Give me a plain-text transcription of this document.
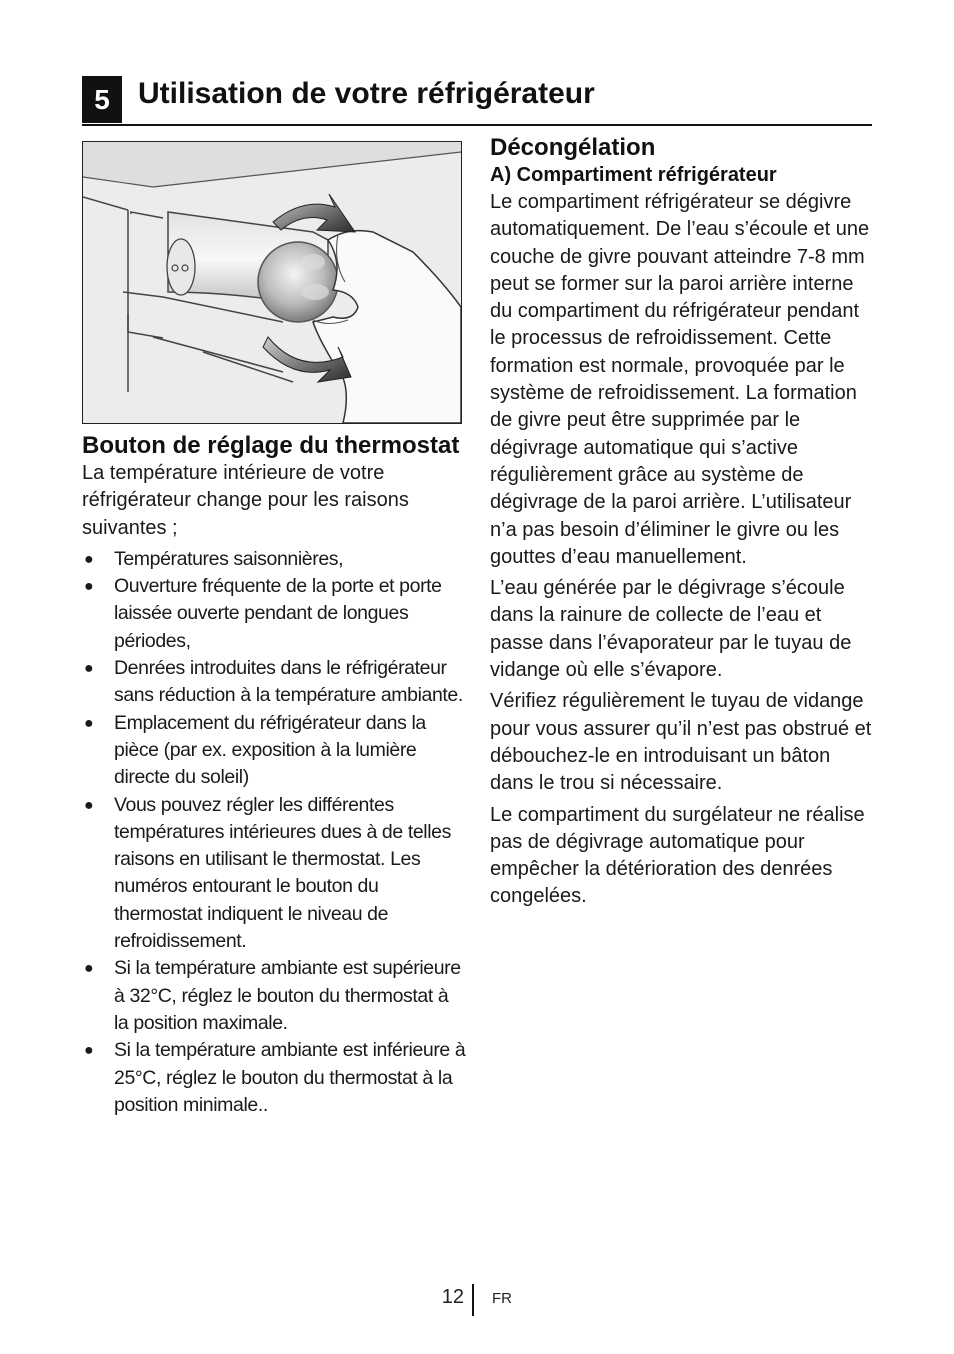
5 Utilisation de votre réfrigérateur
Bouton de réglage du thermostat

La température intérieure de votre réfrigérateur change pour les raisons suivantes ;

● Températures saisonnières,
● Ouverture fréquente de la porte et porte laissée ouverte pendant de longues périodes,
● Denrées introduites dans le réfrigérateur sans réduction à la température ambiante.
● Emplacement du réfrigérateur dans la pièce (par ex. exposition à la lumière directe du soleil)
● Vous pouvez régler les différentes températures intérieures dues à de telles raisons en utilisant le thermostat. Les numéros entourant le bouton du thermostat indiquent le niveau de refroidissement.
● Si la température ambiante est supérieure à 32°C, réglez le bouton du thermostat à la position maximale.
● Si la température ambiante est inférieure à 25°C, réglez le bouton du thermostat à la position minimale..
Décongélation
A) Compartiment réfrigérateur

Le compartiment réfrigérateur se dégivre automatiquement. De l’eau s’écoule et une couche de givre pouvant atteindre 7-8 mm peut se former sur la paroi arrière interne du compartiment du réfrigérateur pendant le processus de refroidissement. Cette formation est normale, provoquée par le système de refroidissement. La formation de givre peut être supprimée par le dégivrage automatique qui s’active régulièrement grâce au système de dégivrage de la paroi arrière. L’utilisateur n’a pas besoin d’éliminer le givre ou les gouttes d’eau manuellement.

L’eau générée par le dégivrage s’écoule dans la rainure de collecte de l’eau et passe dans l’évaporateur par le tuyau de vidange où elle s’évapore.

Vérifiez régulièrement le tuyau de vidange pour vous assurer qu’il n’est pas obstrué et débouchez-le en introduisant un bâton dans le trou si nécessaire.

Le compartiment du surgélateur ne réalise pas de dégivrage automatique pour empêcher la détérioration des denrées congelées.

12 FR
